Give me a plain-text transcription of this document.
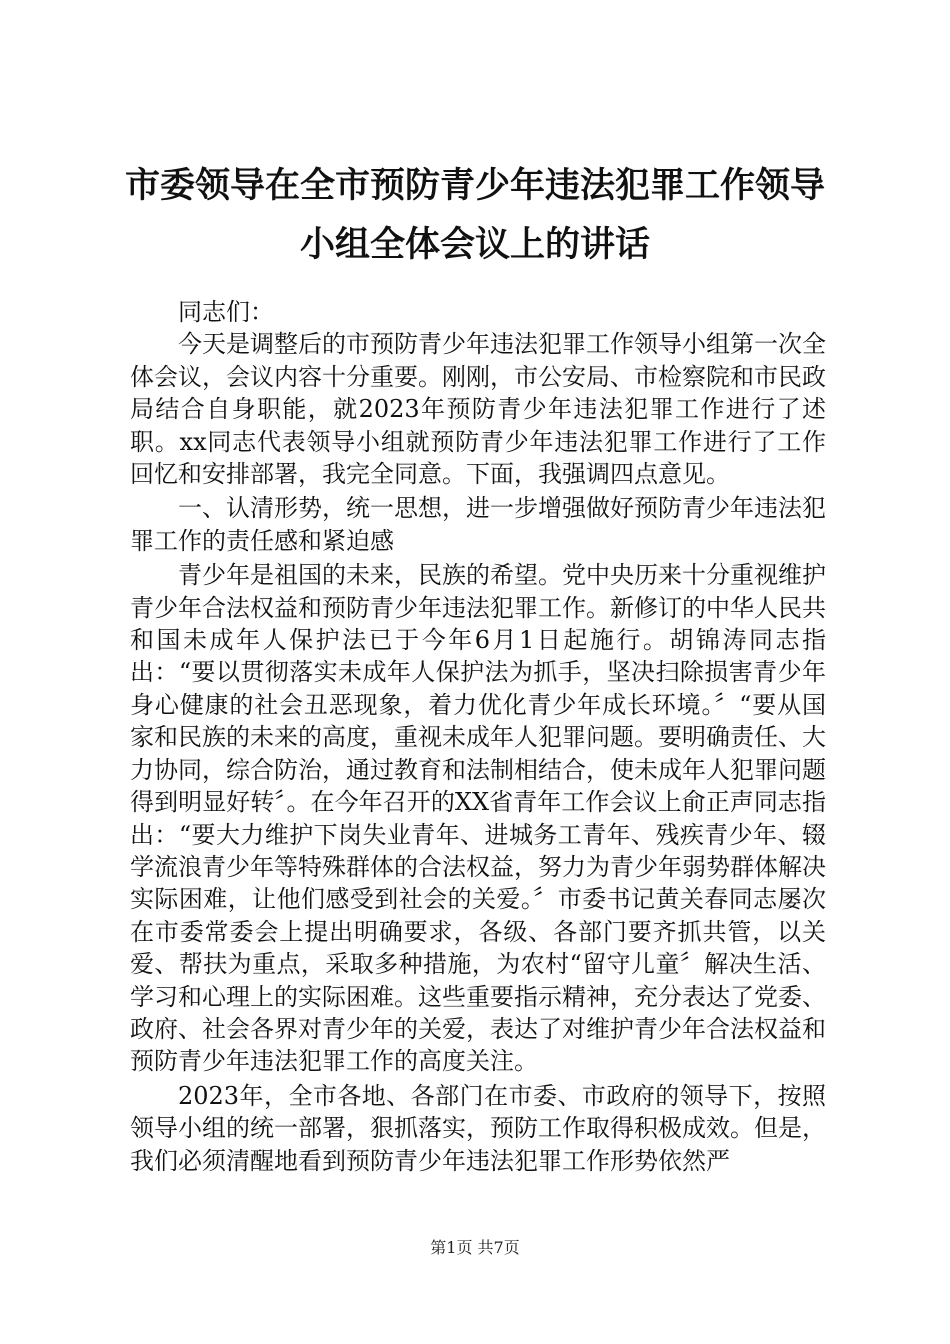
市委领导在全市预防青少年违法犯罪工作领导
小组全体会议上的讲话

同志们：

今天是调整后的市预防青少年违法犯罪工作领导小组第一次全体会议，会议内容十分重要。刚刚，市公安局、市检察院和市民政局结合自身职能，就2023年预防青少年违法犯罪工作进行了述职。xx同志代表领导小组就预防青少年违法犯罪工作进行了工作回忆和安排部署，我完全同意。下面，我强调四点意见。

一、认清形势，统一思想，进一步增强做好预防青少年违法犯罪工作的责任感和紧迫感

青少年是祖国的未来，民族的希望。党中央历来十分重视维护青少年合法权益和预防青少年违法犯罪工作。新修订的中华人民共和国未成年人保护法已于今年6月1日起施行。胡锦涛同志指出：“要以贯彻落实未成年人保护法为抓手，坚决扫除损害青少年身心健康的社会丑恶现象，着力优化青少年成长环境。〞“要从国家和民族的未来的高度，重视未成年人犯罪问题。要明确责任、大力协同，综合防治，通过教育和法制相结合，使未成年人犯罪问题得到明显好转〞。在今年召开的XX省青年工作会议上俞正声同志指出：“要大力维护下岗失业青年、进城务工青年、残疾青少年、辍学流浪青少年等特殊群体的合法权益，努力为青少年弱势群体解决实际困难，让他们感受到社会的关爱。〞市委书记黄关春同志屡次在市委常委会上提出明确要求，各级、各部门要齐抓共管，以关爱、帮扶为重点，采取多种措施，为农村“留守儿童〞解决生活、学习和心理上的实际困难。这些重要指示精神，充分表达了党委、政府、社会各界对青少年的关爱，表达了对维护青少年合法权益和预防青少年违法犯罪工作的高度关注。

2023年，全市各地、各部门在市委、市政府的领导下，按照领导小组的统一部署，狠抓落实，预防工作取得积极成效。但是，我们必须清醒地看到预防青少年违法犯罪工作形势依然严

第1页 共7页
